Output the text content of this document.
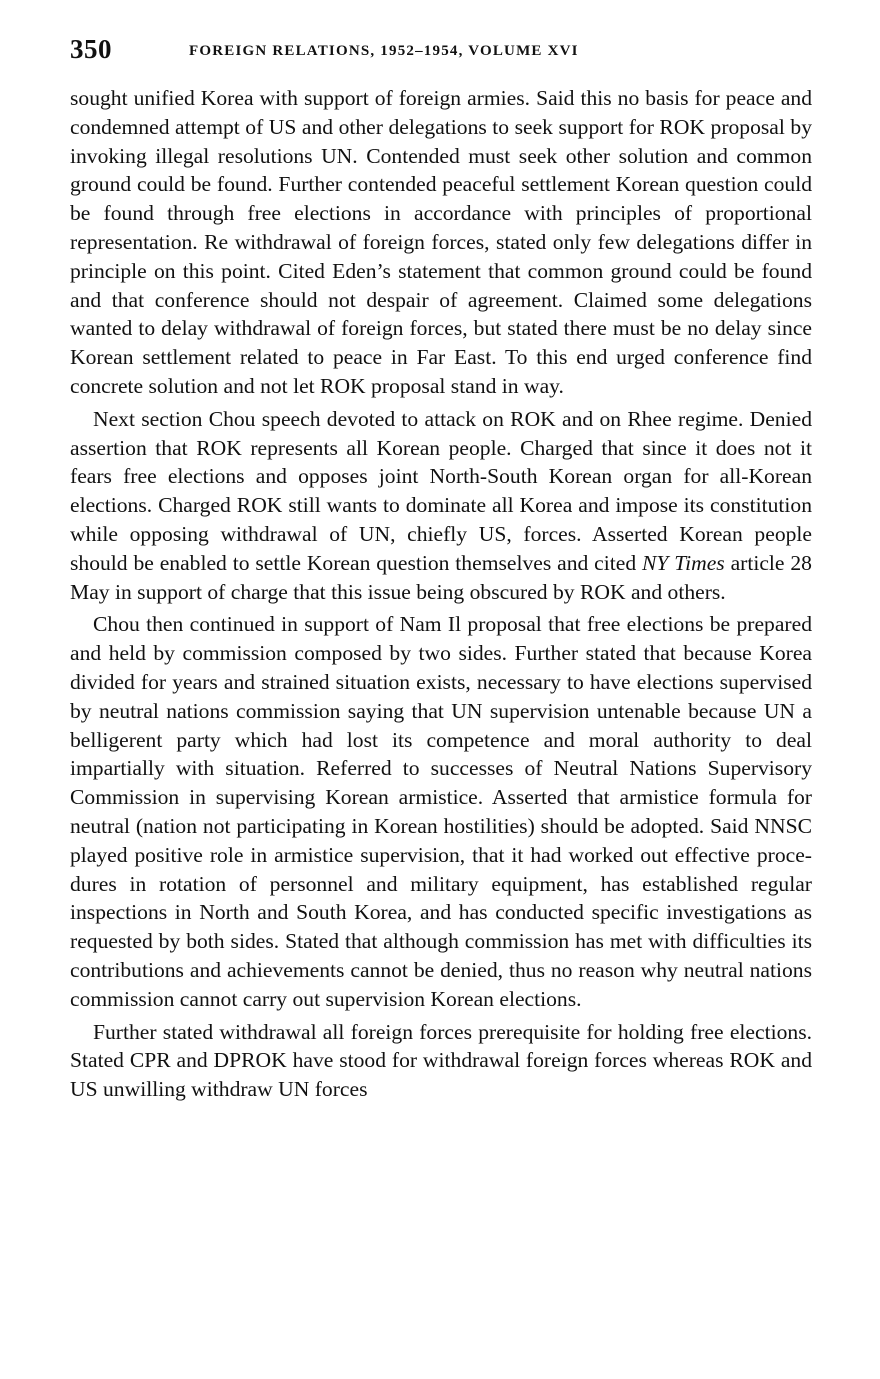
350	FOREIGN RELATIONS, 1952–1954, VOLUME XVI

sought unified Korea with support of foreign armies. Said this no basis for peace and condemned attempt of US and other delegations to seek support for ROK proposal by invoking illegal resolutions UN. Contended must seek other solution and common ground could be found. Further contended peaceful settlement Korean question could be found through free elections in accordance with principles of proportional representation. Re withdrawal of foreign forces, stated only few delegations differ in principle on this point. Cited Eden’s statement that common ground could be found and that conference should not despair of agreement. Claimed some delegations wanted to delay withdrawal of foreign forces, but stated there must be no delay since Korean settlement related to peace in Far East. To this end urged conference find concrete solution and not let ROK proposal stand in way.

Next section Chou speech devoted to attack on ROK and on Rhee regime. Denied assertion that ROK represents all Korean people. Charged that since it does not it fears free elections and opposes joint North-South Korean organ for all-Korean elections. Charged ROK still wants to dominate all Korea and impose its constitution while opposing withdrawal of UN, chiefly US, forces. Asserted Korean people should be enabled to settle Korean question themselves and cited NY Times article 28 May in support of charge that this issue being obscured by ROK and others.

Chou then continued in support of Nam Il proposal that free elections be prepared and held by commission composed by two sides. Further stated that because Korea divided for years and strained situation exists, necessary to have elections supervised by neutral nations commission saying that UN supervision untenable because UN a belligerent party which had lost its competence and moral authority to deal impartially with situation. Referred to successes of Neutral Nations Supervisory Commission in supervising Korean armistice. Asserted that armistice formula for neutral (nation not participating in Korean hostilities) should be adopted. Said NNSC played positive role in armistice supervision, that it had worked out effective procedures in rotation of personnel and military equipment, has established regular inspections in North and South Korea, and has conducted specific investigations as requested by both sides. Stated that although commission has met with difficulties its contributions and achievements cannot be denied, thus no reason why neutral nations commission cannot carry out supervision Korean elections.

Further stated withdrawal all foreign forces prerequisite for holding free elections. Stated CPR and DPROK have stood for withdrawal foreign forces whereas ROK and US unwilling withdraw UN forces
